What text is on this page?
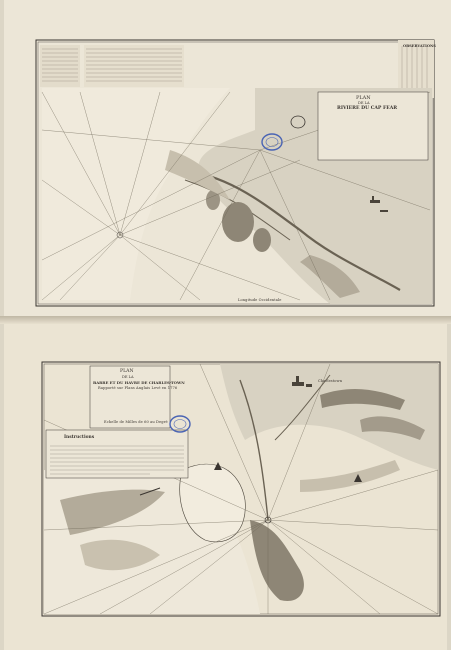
PLAN
DE LA
RIVIERE DU CAP FEAR
OBSERVATIONS
Longitude Occidentale
PLAN
DE LA
BARRE ET DU HAVRE DE CHARLES-TOWN
Rapporté sur Plans Anglais Levé en 1776
Echelle de Milles de 60 au Degré
Instructions
Charlestown
